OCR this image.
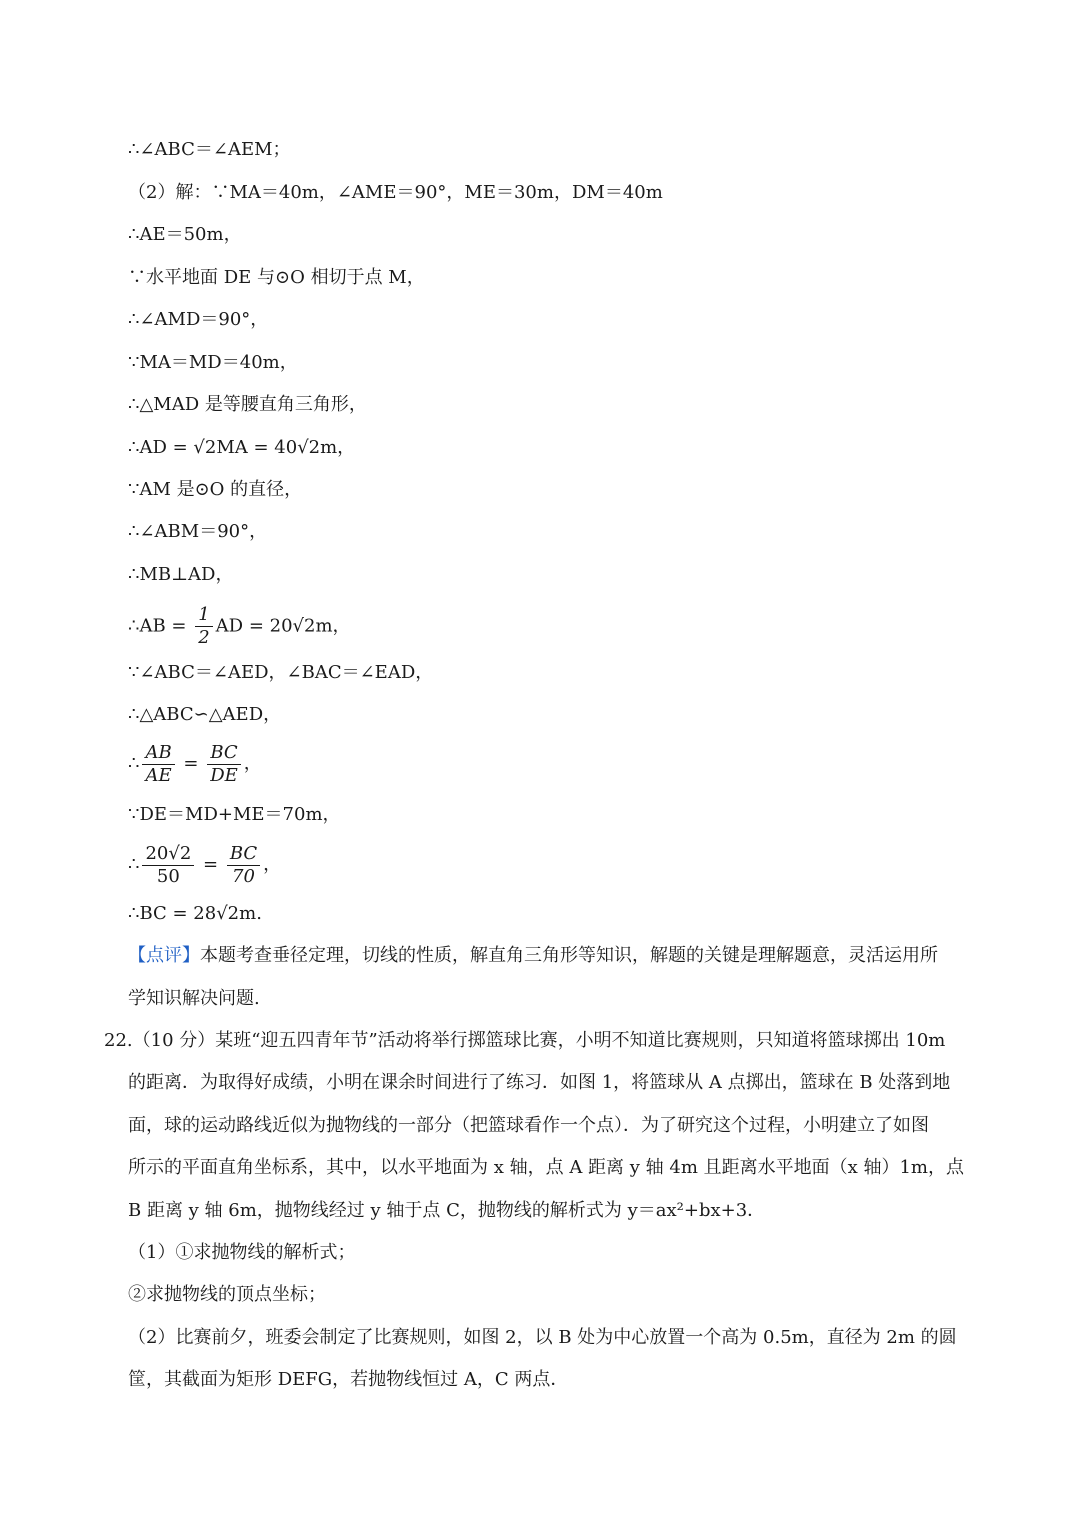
∴∠ABC＝∠AEM；
（2）解：∵MA＝40m，∠AME＝90°，ME＝30m，DM＝40m
∴AE＝50m，
∵水平地面 DE 与⊙O 相切于点 M，
∴∠AMD＝90°，
∵MA＝MD＝40m，
∴△MAD 是等腰直角三角形，
∴AD = √2MA = 40√2m，
∵AM 是⊙O 的直径，
∴∠ABM＝90°，
∴MB⊥AD，
∴AB = $\frac{1}{2}$ AD = 20√2m，
∵∠ABC＝∠AED，∠BAC＝∠EAD，
∴△ABC∽△AED，
∴ $\frac{AB}{AE} = \frac{BC}{DE}$ ，
∵DE＝MD+ME＝70m，
∴ $\frac{20√2}{50} = \frac{BC}{70}$ ，
∴BC = 28√2m.
【点评】本题考查垂径定理，切线的性质，解直角三角形等知识，解题的关键是理解题意，灵活运用所
学知识解决问题.
22.（10 分）某班“迎五四青年节”活动将举行掷篮球比赛，小明不知道比赛规则，只知道将篮球掷出 10m
的距离．为取得好成绩，小明在课余时间进行了练习．如图 1，将篮球从 A 点掷出，篮球在 B 处落到地
面，球的运动路线近似为抛物线的一部分（把篮球看作一个点）．为了研究这个过程，小明建立了如图
所示的平面直角坐标系，其中，以水平地面为 x 轴，点 A 距离 y 轴 4m 且距离水平地面（x 轴）1m，点
B 距离 y 轴 6m，抛物线经过 y 轴于点 C，抛物线的解析式为 y＝ax²+bx+3．
（1）①求抛物线的解析式；
②求抛物线的顶点坐标；
（2）比赛前夕，班委会制定了比赛规则，如图 2，以 B 处为中心放置一个高为 0.5m，直径为 2m 的圆
筐，其截面为矩形 DEFG，若抛物线恒过 A，C 两点．
